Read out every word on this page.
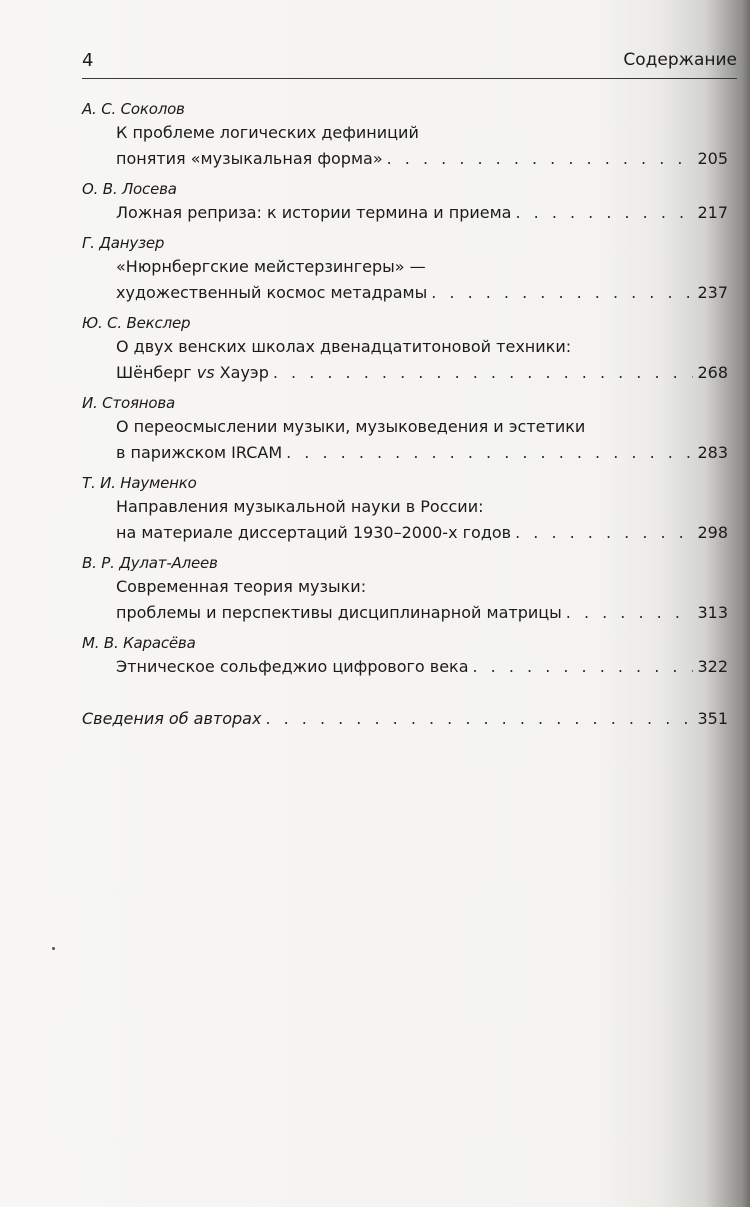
4	Содержание
А. С. Соколов
К проблеме логических дефиниций
понятия «музыкальная форма» . . .	205
О. В. Лосева
Ложная реприза: к истории термина и приема . . .	217
Г. Данузер
«Нюрнбергские мейстерзингеры» —
художественный космос метадрамы . . .	237
Ю. С. Векслер
О двух венских школах двенадцатитоновой техники:
Шёнберг vs Хауэр . . .	268
И. Стоянова
О переосмыслении музыки, музыковедения и эстетики
в парижском IRCAM . . .	283
Т. И. Науменко
Направления музыкальной науки в России:
на материале диссертаций 1930–2000-х годов . . .	298
В. Р. Дулат-Алеев
Современная теория музыки:
проблемы и перспективы дисциплинарной матрицы . . .	313
М. В. Карасёва
Этническое сольфеджио цифрового века . . .	322
Сведения об авторах . . .	351
